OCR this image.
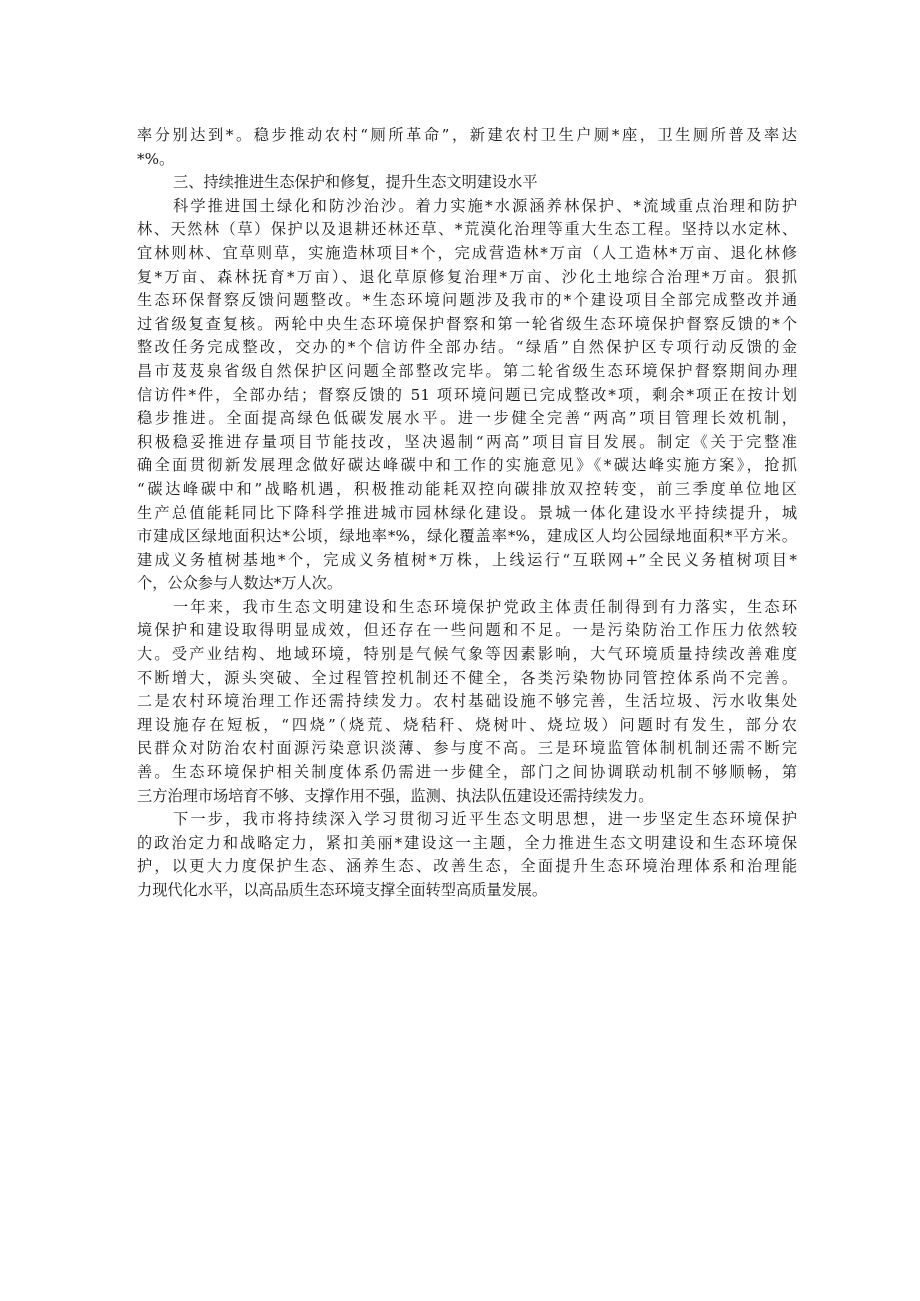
率分别达到*。稳步推动农村“厕所革命”，新建农村卫生户厕*座，卫生厕所普及率达
*%。
三、持续推进生态保护和修复，提升生态文明建设水平
科学推进国土绿化和防沙治沙。着力实施*水源涵养林保护、*流域重点治理和防护
林、天然林（草）保护以及退耕还林还草、*荒漠化治理等重大生态工程。坚持以水定林、
宜林则林、宜草则草，实施造林项目*个，完成营造林*万亩（人工造林*万亩、退化林修
复*万亩、森林抚育*万亩）、退化草原修复治理*万亩、沙化土地综合治理*万亩。狠抓
生态环保督察反馈问题整改。*生态环境问题涉及我市的*个建设项目全部完成整改并通
过省级复查复核。两轮中央生态环境保护督察和第一轮省级生态环境保护督察反馈的*个
整改任务完成整改，交办的*个信访件全部办结。“绿盾”自然保护区专项行动反馈的金
昌市芨芨泉省级自然保护区问题全部整改完毕。第二轮省级生态环境保护督察期间办理
信访件*件，全部办结；督察反馈的 51 项环境问题已完成整改*项，剩余*项正在按计划
稳步推进。全面提高绿色低碳发展水平。进一步健全完善“两高”项目管理长效机制，
积极稳妥推进存量项目节能技改，坚决遏制“两高”项目盲目发展。制定《关于完整准
确全面贯彻新发展理念做好碳达峰碳中和工作的实施意见》《*碳达峰实施方案》，抢抓
“碳达峰碳中和”战略机遇，积极推动能耗双控向碳排放双控转变，前三季度单位地区
生产总值能耗同比下降科学推进城市园林绿化建设。景城一体化建设水平持续提升，城
市建成区绿地面积达*公顷，绿地率*%，绿化覆盖率*%，建成区人均公园绿地面积*平方米。
建成义务植树基地*个，完成义务植树*万株，上线运行“互联网+”全民义务植树项目*
个，公众参与人数达*万人次。
一年来，我市生态文明建设和生态环境保护党政主体责任制得到有力落实，生态环
境保护和建设取得明显成效，但还存在一些问题和不足。一是污染防治工作压力依然较
大。受产业结构、地域环境，特别是气候气象等因素影响，大气环境质量持续改善难度
不断增大，源头突破、全过程管控机制还不健全，各类污染物协同管控体系尚不完善。
二是农村环境治理工作还需持续发力。农村基础设施不够完善，生活垃圾、污水收集处
理设施存在短板，“四烧”（烧荒、烧秸秆、烧树叶、烧垃圾）问题时有发生，部分农
民群众对防治农村面源污染意识淡薄、参与度不高。三是环境监管体制机制还需不断完
善。生态环境保护相关制度体系仍需进一步健全，部门之间协调联动机制不够顺畅，第
三方治理市场培育不够、支撑作用不强，监测、执法队伍建设还需持续发力。
下一步，我市将持续深入学习贯彻习近平生态文明思想，进一步坚定生态环境保护
的政治定力和战略定力，紧扣美丽*建设这一主题，全力推进生态文明建设和生态环境保
护，以更大力度保护生态、涵养生态、改善生态，全面提升生态环境治理体系和治理能
力现代化水平，以高品质生态环境支撑全面转型高质量发展。
